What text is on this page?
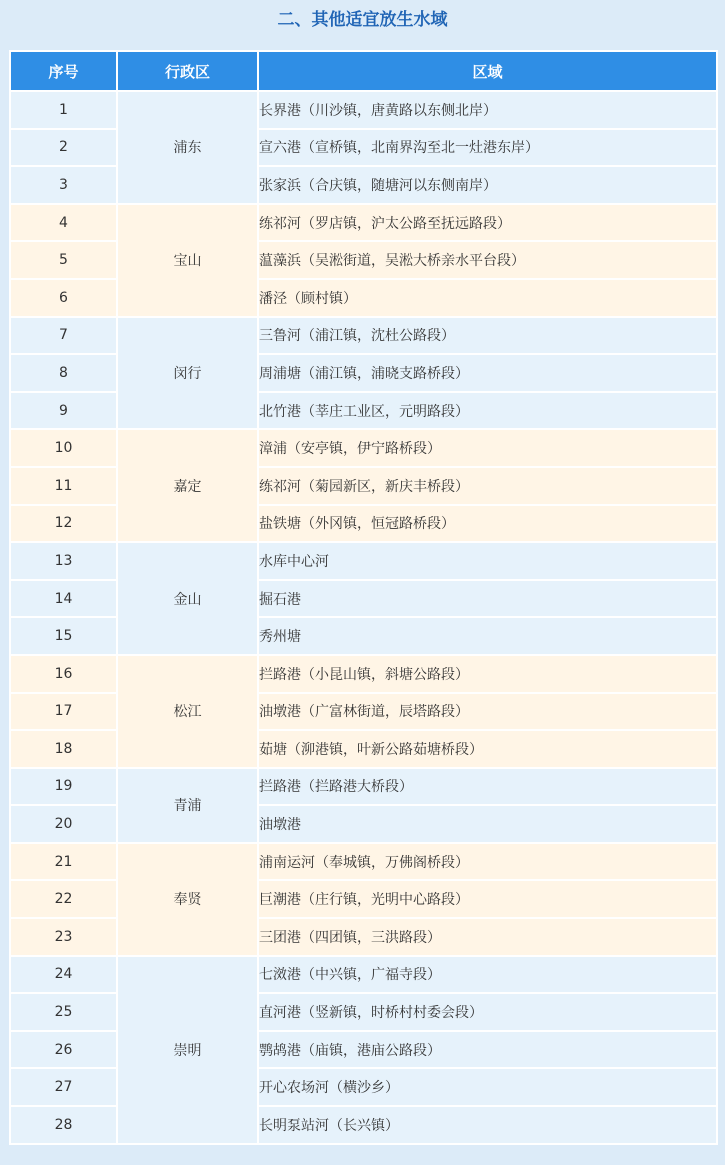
二、其他适宜放生水域
序号	行政区	区域
1	浦东	长界港（川沙镇，唐黄路以东侧北岸）
2		宣六港（宣桥镇，北南界沟至北一灶港东岸）
3		张家浜（合庆镇，随塘河以东侧南岸）
4	宝山	练祁河（罗店镇，沪太公路至抚远路段）
5		蕰藻浜（吴淞街道，吴淞大桥亲水平台段）
6		潘泾（顾村镇）
7	闵行	三鲁河（浦江镇，沈杜公路段）
8		周浦塘（浦江镇，浦晓支路桥段）
9		北竹港（莘庄工业区，元明路段）
10	嘉定	漳浦（安亭镇，伊宁路桥段）
11		练祁河（菊园新区，新庆丰桥段）
12		盐铁塘（外冈镇，恒冠路桥段）
13	金山	水库中心河
14		掘石港
15		秀州塘
16	松江	拦路港（小昆山镇，斜塘公路段）
17		油墩港（广富林街道，辰塔路段）
18		茹塘（泖港镇，叶新公路茹塘桥段）
19	青浦	拦路港（拦路港大桥段）
20		油墩港
21	奉贤	浦南运河（奉城镇，万佛阁桥段）
22		巨潮港（庄行镇，光明中心路段）
23		三团港（四团镇，三洪路段）
24	崇明	七滧港（中兴镇，广福寺段）
25		直河港（竖新镇，时桥村村委会段）
26		鹗鸪港（庙镇，港庙公路段）
27		开心农场河（横沙乡）
28		长明泵站河（长兴镇）
